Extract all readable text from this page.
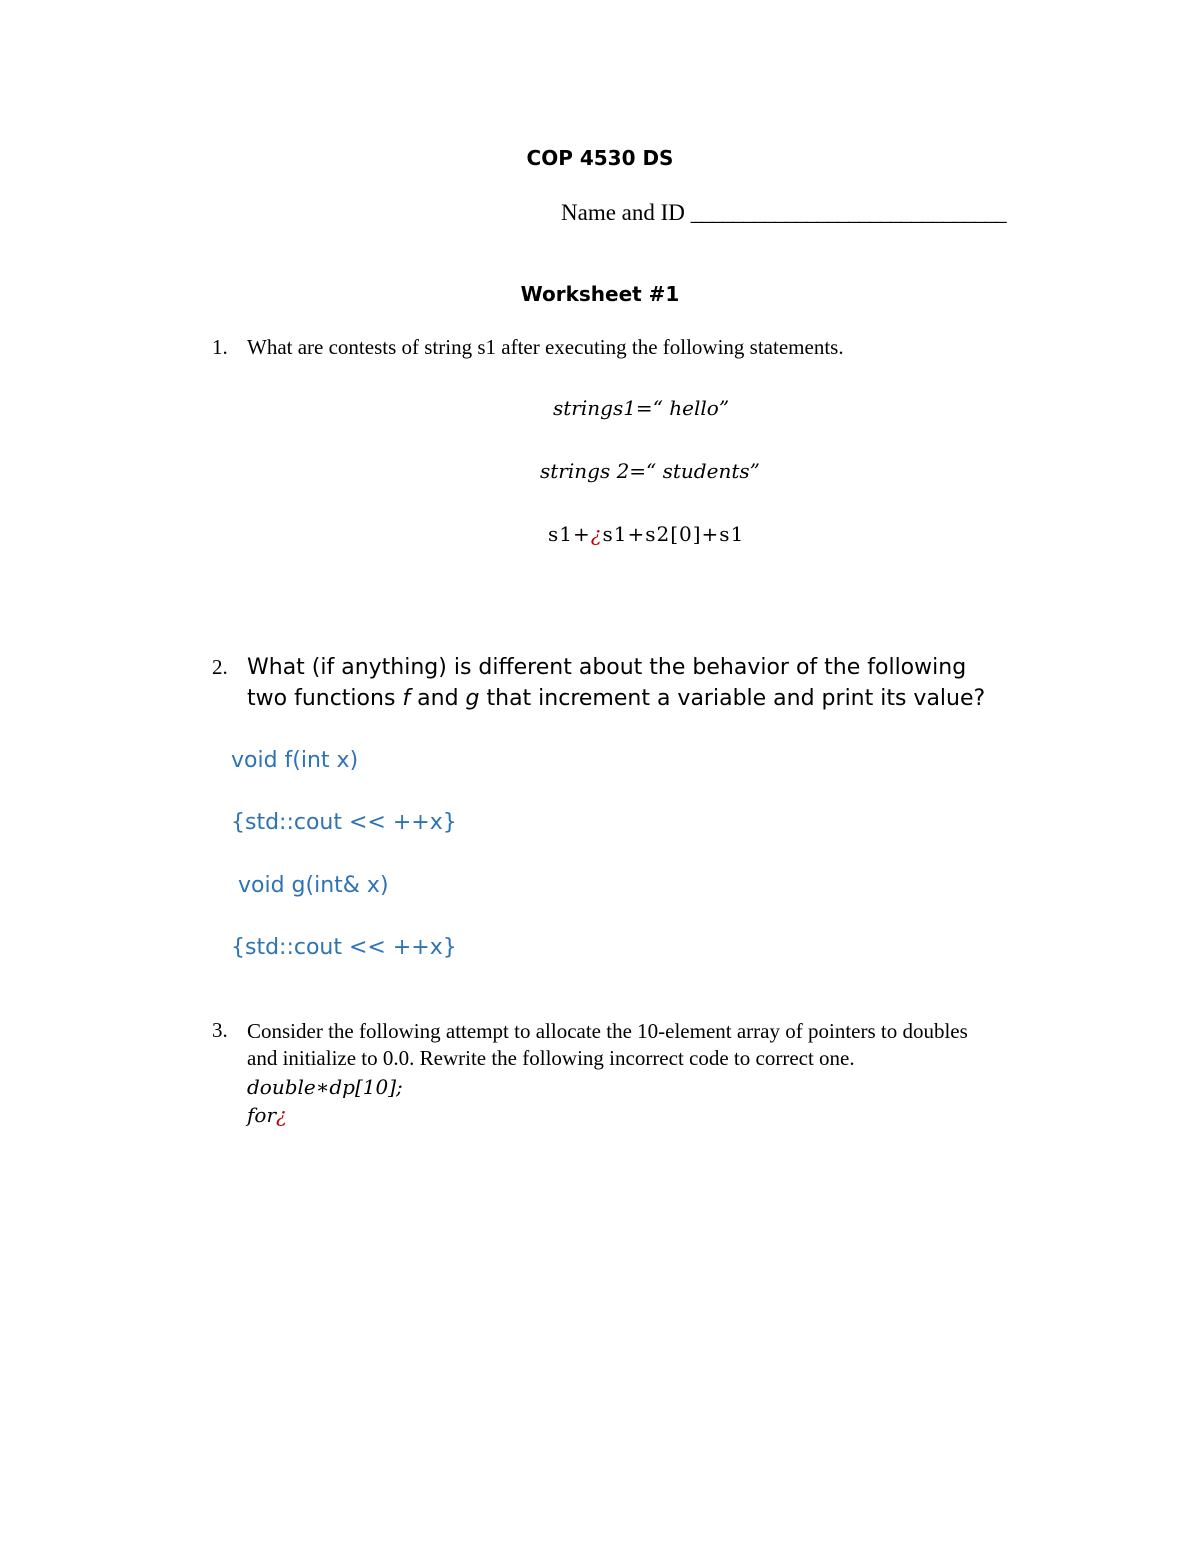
COP 4530 DS
Name and ID ______________________________
Worksheet #1
1. What are contests of string s1 after executing the following statements.
strings1=“ hello”
strings 2=“ students”
s1+¿s1+s2[0]+s1
2. What (if anything) is different about the behavior of the following
two functions f and g that increment a variable and print its value?
void f(int x)
{std::cout << ++x}
void g(int& x)
{std::cout << ++x}
3. Consider the following attempt to allocate the 10-element array of pointers to doubles
and initialize to 0.0. Rewrite the following incorrect code to correct one.
double∗dp[10];
for¿
